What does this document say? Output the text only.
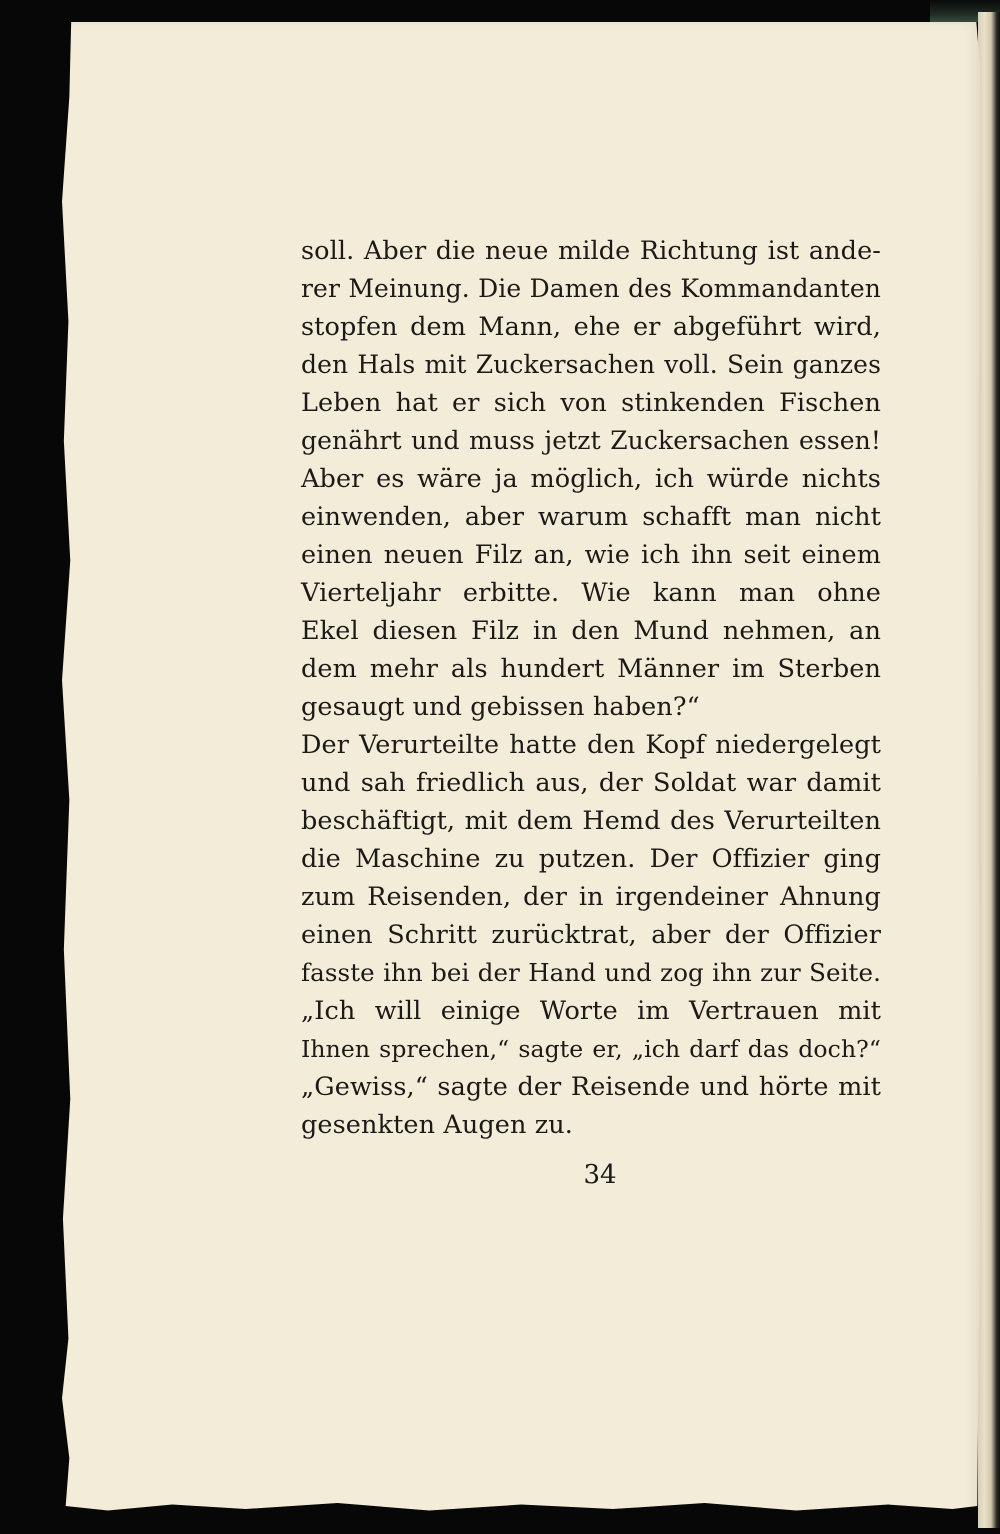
soll. Aber die neue milde Richtung ist ande-
rer Meinung. Die Damen des Kommandanten
stopfen dem Mann, ehe er abgeführt wird,
den Hals mit Zuckersachen voll. Sein ganzes
Leben hat er sich von stinkenden Fischen
genährt und muss jetzt Zuckersachen essen!
Aber es wäre ja möglich, ich würde nichts
einwenden, aber warum schafft man nicht
einen neuen Filz an, wie ich ihn seit einem
Vierteljahr erbitte. Wie kann man ohne
Ekel diesen Filz in den Mund nehmen, an
dem mehr als hundert Männer im Sterben
gesaugt und gebissen haben?“
Der Verurteilte hatte den Kopf niedergelegt
und sah friedlich aus, der Soldat war damit
beschäftigt, mit dem Hemd des Verurteilten
die Maschine zu putzen. Der Offizier ging
zum Reisenden, der in irgendeiner Ahnung
einen Schritt zurücktrat, aber der Offizier
fasste ihn bei der Hand und zog ihn zur Seite.
„Ich will einige Worte im Vertrauen mit
Ihnen sprechen,“ sagte er, „ich darf das doch?“
„Gewiss,“ sagte der Reisende und hörte mit
gesenkten Augen zu.
34
